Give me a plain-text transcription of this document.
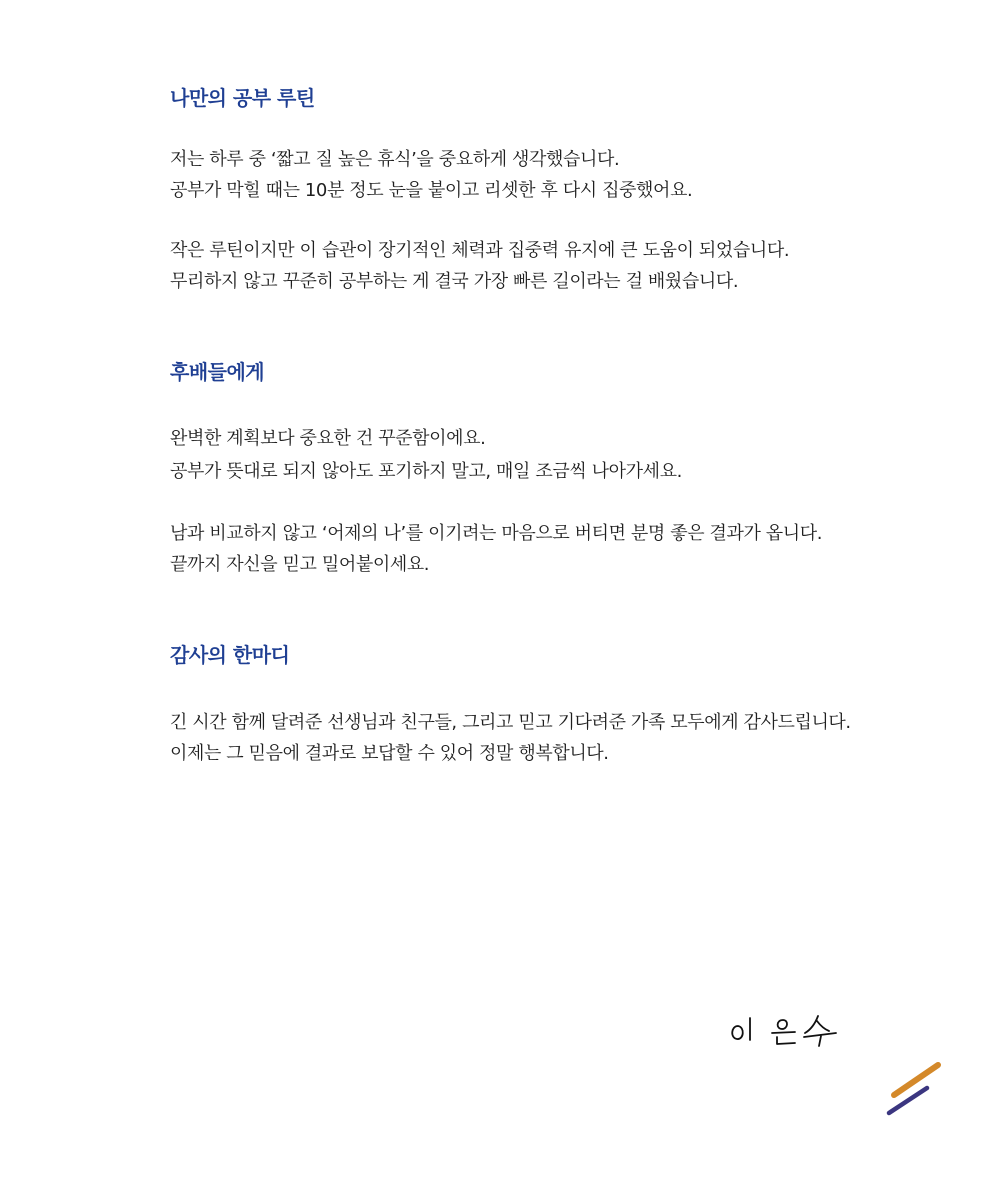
나만의 공부 루틴

저는 하루 중 ‘짧고 질 높은 휴식’을 중요하게 생각했습니다.
공부가 막힐 때는 10분 정도 눈을 붙이고 리셋한 후 다시 집중했어요.

작은 루틴이지만 이 습관이 장기적인 체력과 집중력 유지에 큰 도움이 되었습니다.
무리하지 않고 꾸준히 공부하는 게 결국 가장 빠른 길이라는 걸 배웠습니다.

후배들에게

완벽한 계획보다 중요한 건 꾸준함이에요.
공부가 뜻대로 되지 않아도 포기하지 말고, 매일 조금씩 나아가세요.

남과 비교하지 않고 ‘어제의 나’를 이기려는 마음으로 버티면 분명 좋은 결과가 옵니다.
끝까지 자신을 믿고 밀어붙이세요.

감사의 한마디

긴 시간 함께 달려준 선생님과 친구들, 그리고 믿고 기다려준 가족 모두에게 감사드립니다.
이제는 그 믿음에 결과로 보답할 수 있어 정말 행복합니다.
